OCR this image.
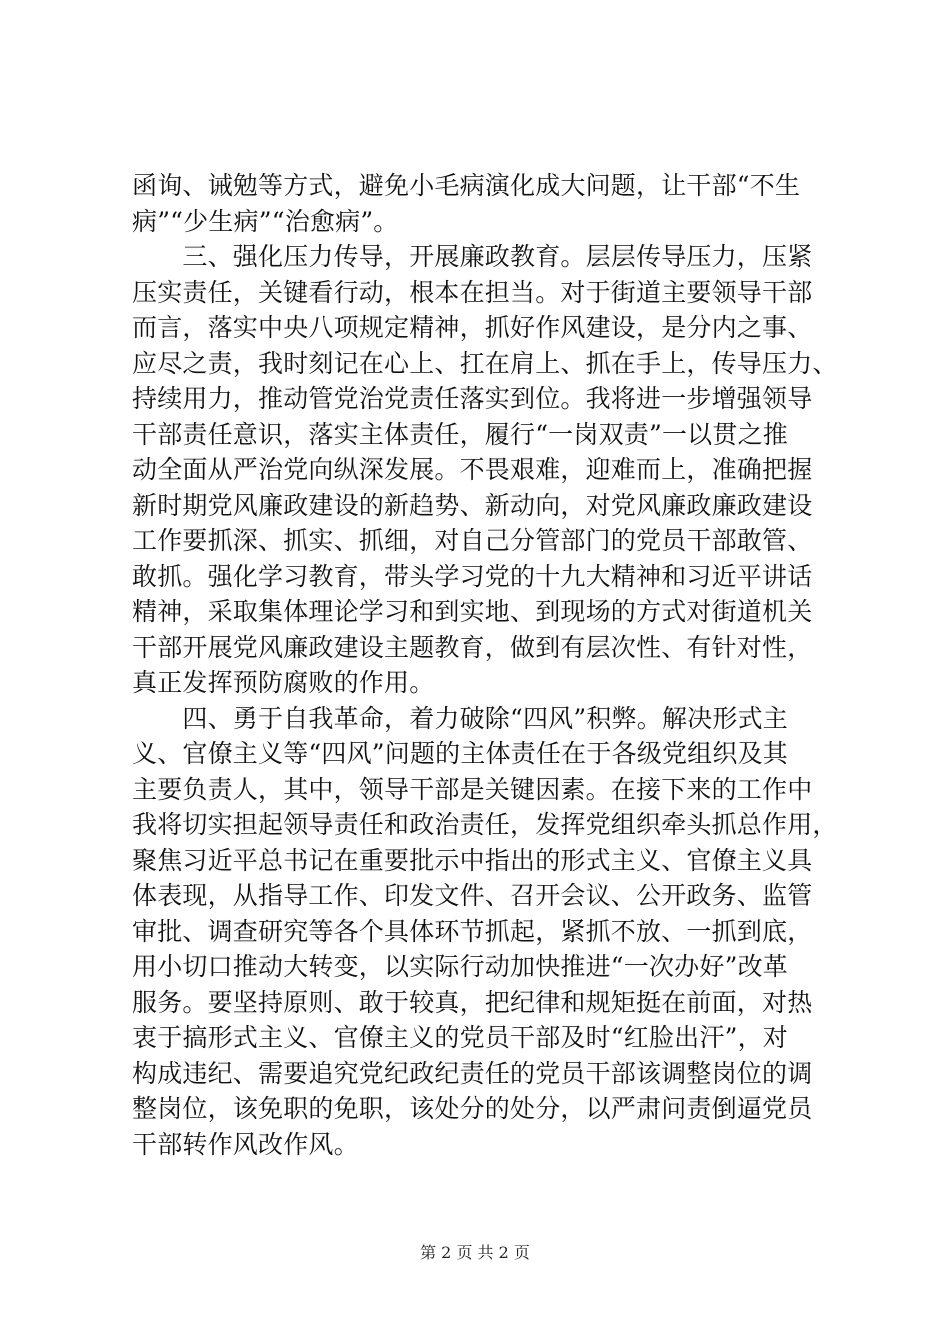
函询、诫勉等方式，避免小毛病演化成大问题，让干部“不生
病”“少生病”“治愈病”。
　　三、强化压力传导，开展廉政教育。层层传导压力，压紧
压实责任，关键看行动，根本在担当。对于街道主要领导干部
而言，落实中央八项规定精神，抓好作风建设，是分内之事、
应尽之责，我时刻记在心上、扛在肩上、抓在手上，传导压力、
持续用力，推动管党治党责任落实到位。我将进一步增强领导
干部责任意识，落实主体责任，履行“一岗双责”一以贯之推
动全面从严治党向纵深发展。不畏艰难，迎难而上，准确把握
新时期党风廉政建设的新趋势、新动向，对党风廉政廉政建设
工作要抓深、抓实、抓细，对自己分管部门的党员干部敢管、
敢抓。强化学习教育，带头学习党的十九大精神和习近平讲话
精神，采取集体理论学习和到实地、到现场的方式对街道机关
干部开展党风廉政建设主题教育，做到有层次性、有针对性，
真正发挥预防腐败的作用。
　　四、勇于自我革命，着力破除“四风”积弊。解决形式主
义、官僚主义等“四风”问题的主体责任在于各级党组织及其
主要负责人，其中，领导干部是关键因素。在接下来的工作中
我将切实担起领导责任和政治责任，发挥党组织牵头抓总作用，
聚焦习近平总书记在重要批示中指出的形式主义、官僚主义具
体表现，从指导工作、印发文件、召开会议、公开政务、监管
审批、调查研究等各个具体环节抓起，紧抓不放、一抓到底，
用小切口推动大转变，以实际行动加快推进“一次办好”改革
服务。要坚持原则、敢于较真，把纪律和规矩挺在前面，对热
衷于搞形式主义、官僚主义的党员干部及时“红脸出汗”，对
构成违纪、需要追究党纪政纪责任的党员干部该调整岗位的调
整岗位，该免职的免职，该处分的处分，以严肃问责倒逼党员
干部转作风改作风。
第 2 页 共 2 页
